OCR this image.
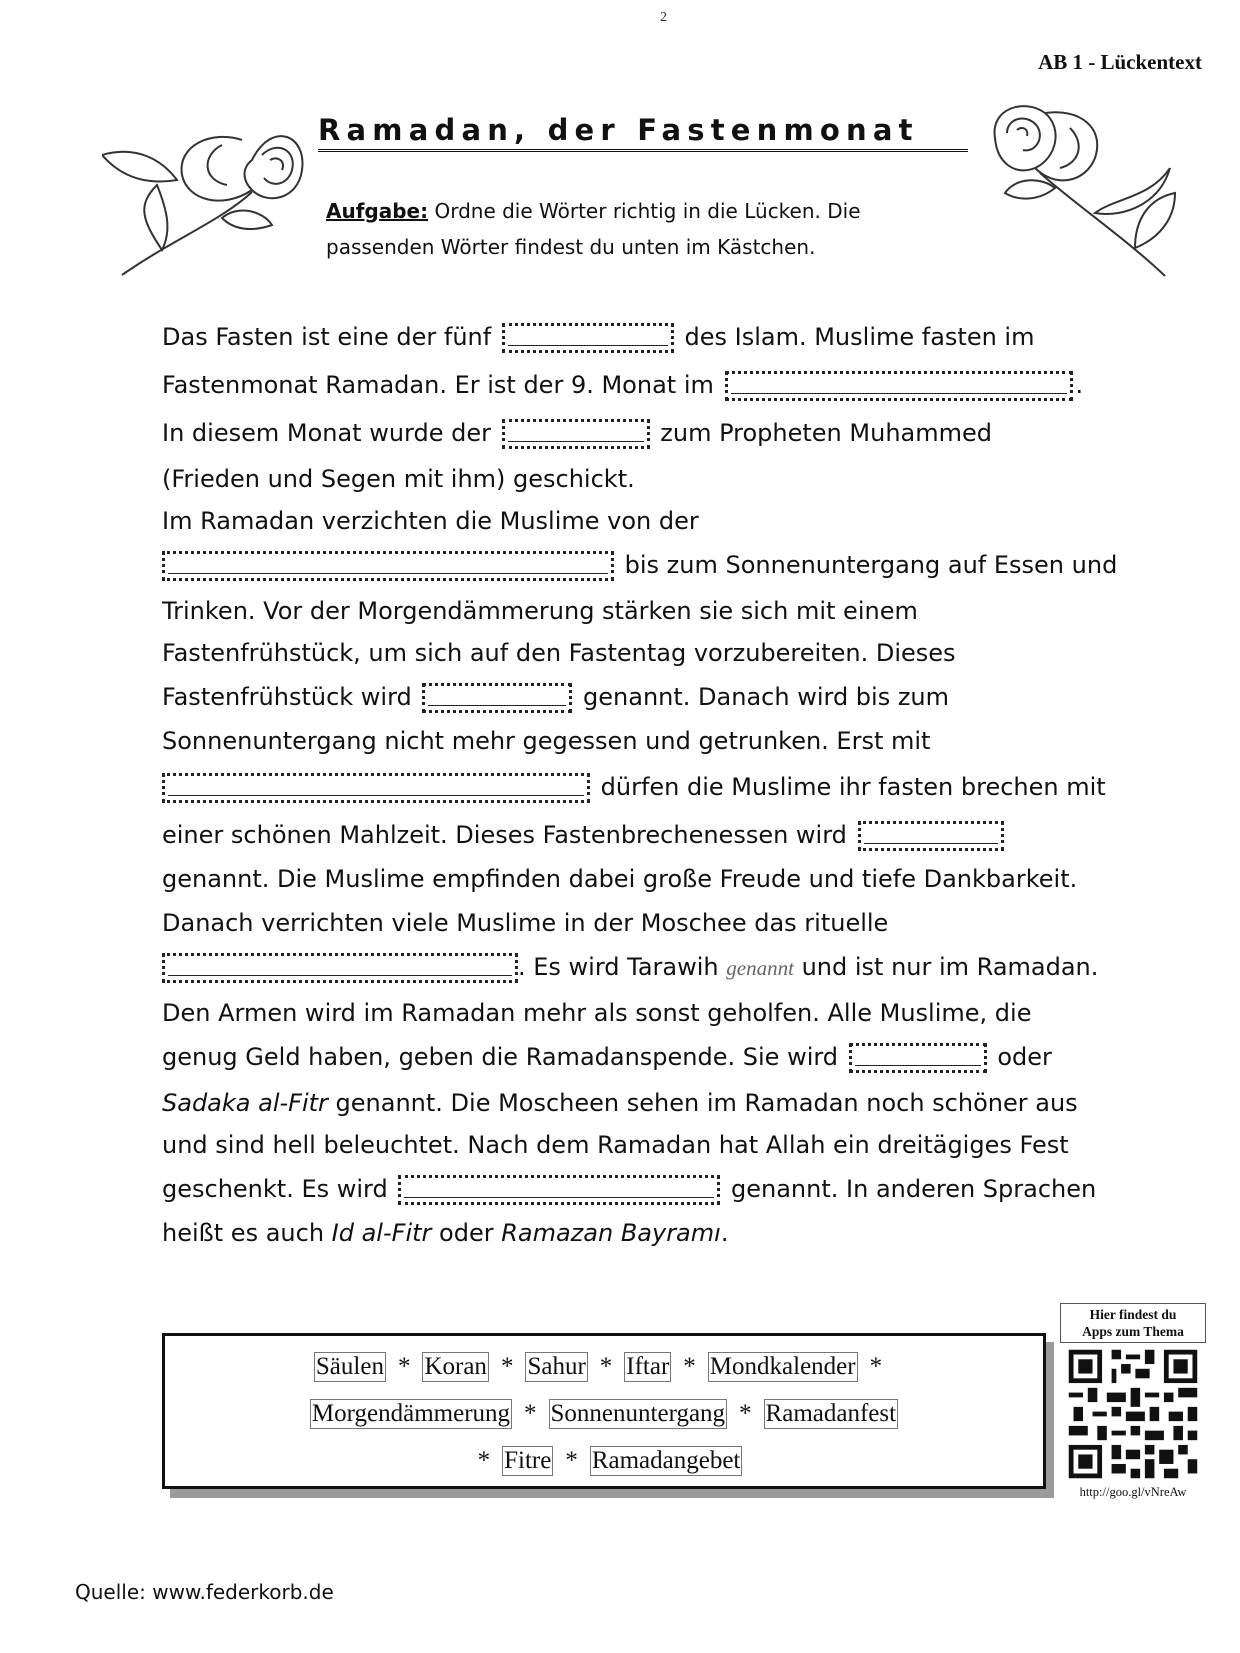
2
AB 1 - Lückentext
Ramadan, der Fastenmonat
Aufgabe: Ordne die Wörter richtig in die Lücken. Die passenden Wörter findest du unten im Kästchen.
Das Fasten ist eine der fünf	des Islam. Muslime fasten im
Fastenmonat Ramadan. Er ist der 9. Monat im	.
In diesem Monat wurde der	zum Propheten Muhammed
(Frieden und Segen mit ihm) geschickt.
Im Ramadan verzichten die Muslime von der
bis zum Sonnenuntergang auf Essen und
Trinken. Vor der Morgendämmerung stärken sie sich mit einem
Fastenfrühstück, um sich auf den Fastentag vorzubereiten. Dieses
Fastenfrühstück wird	genannt. Danach wird bis zum
Sonnenuntergang nicht mehr gegessen und getrunken. Erst mit
dürfen die Muslime ihr fasten brechen mit
einer schönen Mahlzeit. Dieses Fastenbrechenessen wird
genannt. Die Muslime empfinden dabei große Freude und tiefe Dankbarkeit.
Danach verrichten viele Muslime in der Moschee das rituelle
. Es wird Tarawih genannt und ist nur im Ramadan.
Den Armen wird im Ramadan mehr als sonst geholfen. Alle Muslime, die
genug Geld haben, geben die Ramadanspende. Sie wird	oder
Sadaka al-Fitr genannt. Die Moscheen sehen im Ramadan noch schöner aus
und sind hell beleuchtet. Nach dem Ramadan hat Allah ein dreitägiges Fest
geschenkt. Es wird	genannt. In anderen Sprachen
heißt es auch Id al-Fitr oder Ramazan Bayramı.
Säulen * Koran * Sahur * Iftar * Mondkalender *
Morgendämmerung * Sonnenuntergang * Ramadanfest
* Fitre * Ramadangebet
Hier findest du
Apps zum Thema
http://goo.gl/vNreAw
Quelle: www.federkorb.de
